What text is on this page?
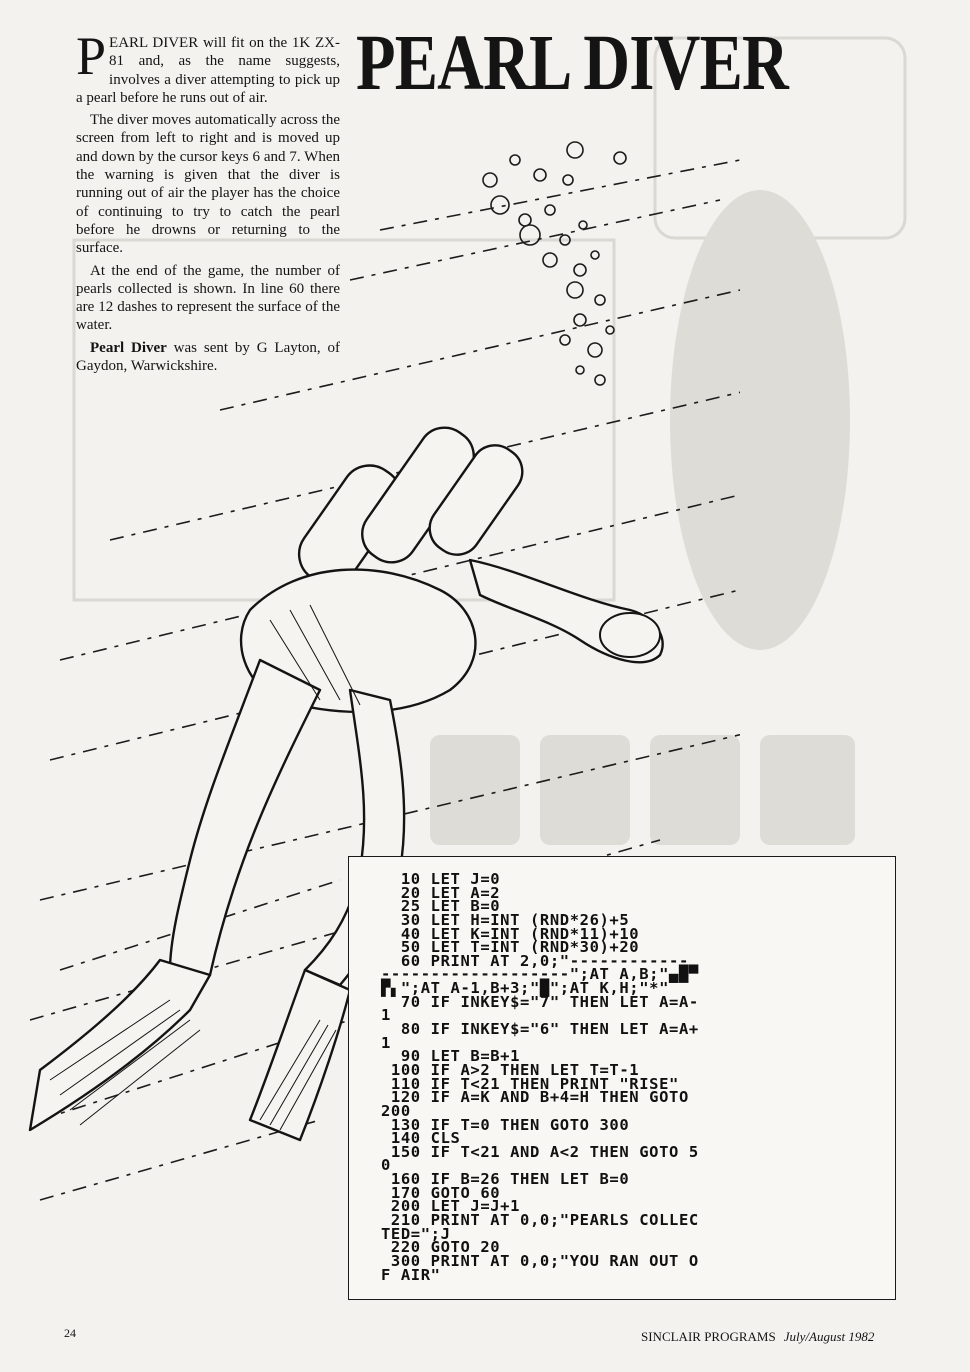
PEARL DIVER will fit on the 1K ZX-81 and, as the name suggests, involves a diver attempting to pick up a pearl before he runs out of air.

The diver moves automatically across the screen from left to right and is moved up and down by the cursor keys 6 and 7. When the warning is given that the diver is running out of air the player has the choice of continuing to try to catch the pearl before he drowns or returning to the surface.

At the end of the game, the number of pearls collected is shown. In line 60 there are 12 dashes to represent the surface of the water.

Pearl Diver was sent by G Layton, of Gaydon, Warwickshire.

PEARL DIVER
10 LET J=0
20 LET A=2
25 LET B=0
30 LET H=INT (RND*26)+5
40 LET K=INT (RND*11)+10
50 LET T=INT (RND*30)+20
60 PRINT AT 2,0;"------------
-------------------";AT A,B;"▄█▀
▛▖";AT A-1,B+3;"█";AT K,H;"*"
70 IF INKEY$="7" THEN LET A=A-
1
80 IF INKEY$="6" THEN LET A=A+
1
90 LET B=B+1
100 IF A>2 THEN LET T=T-1
110 IF T<21 THEN PRINT "RISE"
120 IF A=K AND B+4=H THEN GOTO
200
130 IF T=0 THEN GOTO 300
140 CLS
150 IF T<21 AND A<2 THEN GOTO 5
0
160 IF B=26 THEN LET B=0
170 GOTO 60
200 LET J=J+1
210 PRINT AT 0,0;"PEARLS COLLEC
TED=";J
220 GOTO 20
300 PRINT AT 0,0;"YOU RAN OUT O
F AIR"
24	SINCLAIR PROGRAMS July/August 1982
